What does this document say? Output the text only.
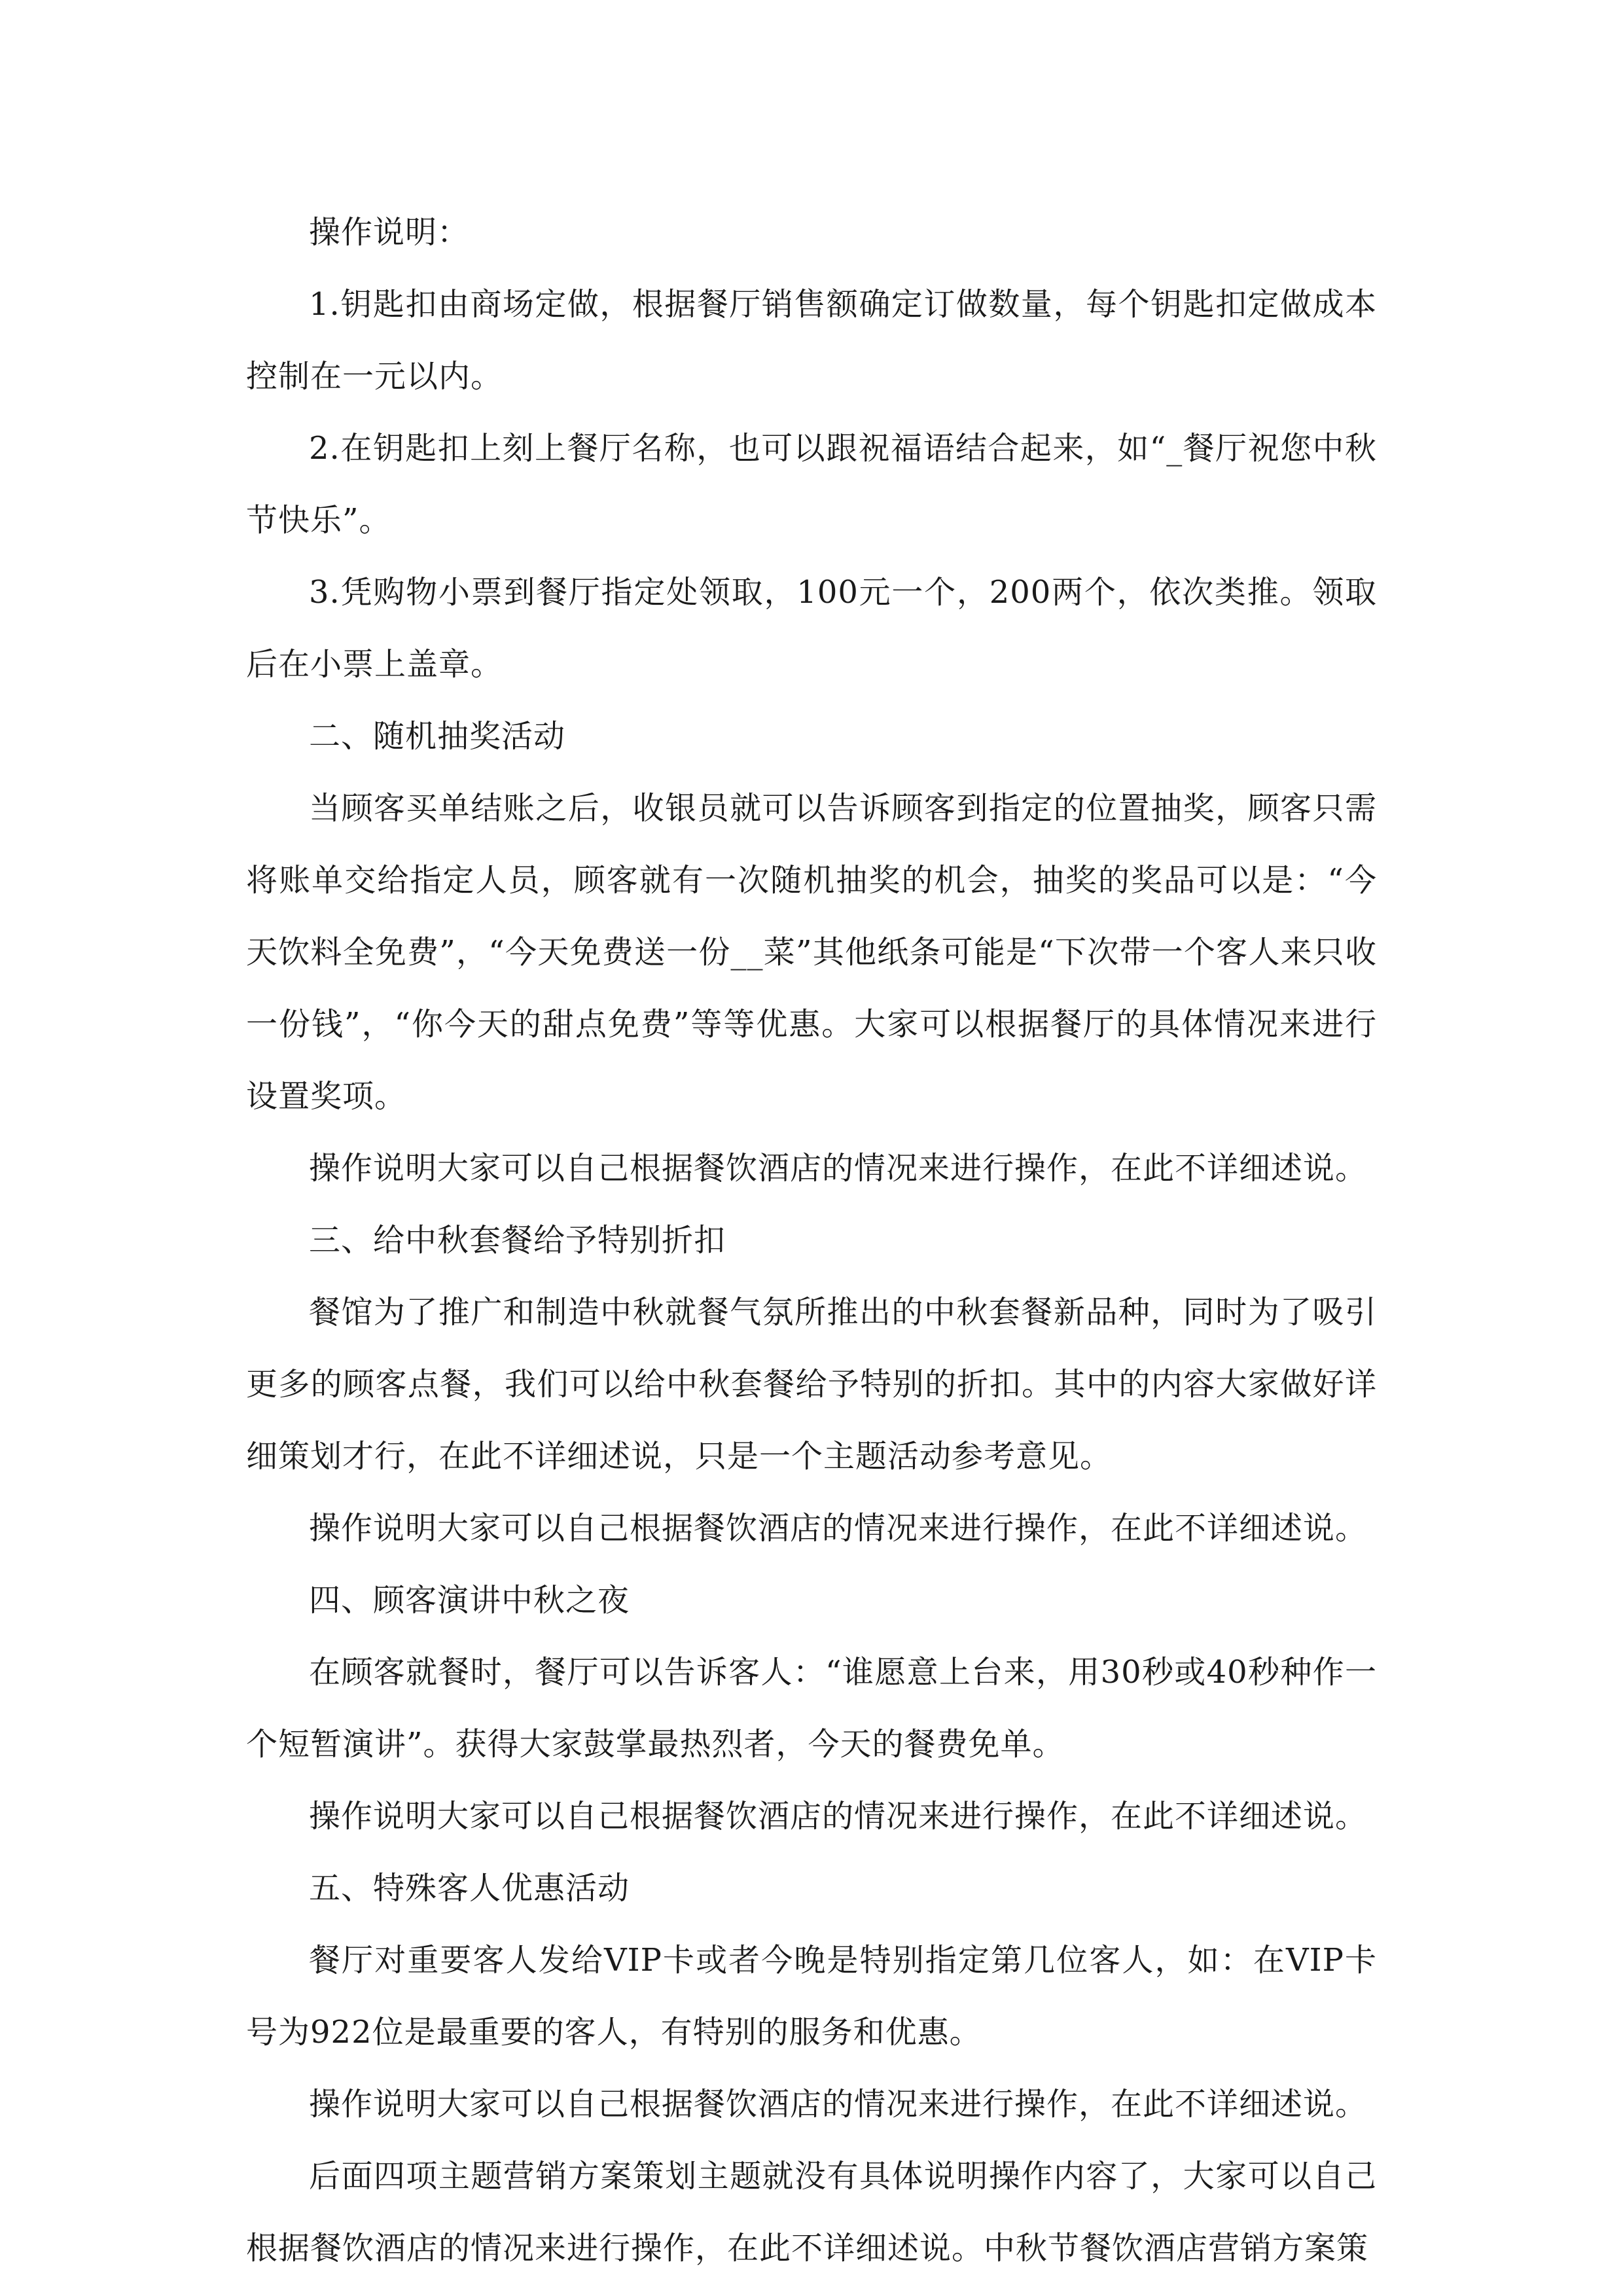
操作说明：

1.钥匙扣由商场定做，根据餐厅销售额确定订做数量，每个钥匙扣定做成本控制在一元以内。

2.在钥匙扣上刻上餐厅名称，也可以跟祝福语结合起来，如“_餐厅祝您中秋节快乐”。

3.凭购物小票到餐厅指定处领取，100元一个，200两个，依次类推。领取后在小票上盖章。

二、随机抽奖活动

当顾客买单结账之后，收银员就可以告诉顾客到指定的位置抽奖，顾客只需将账单交给指定人员，顾客就有一次随机抽奖的机会，抽奖的奖品可以是：“今天饮料全免费”，“今天免费送一份__菜”其他纸条可能是“下次带一个客人来只收一份钱”，“你今天的甜点免费”等等优惠。大家可以根据餐厅的具体情况来进行设置奖项。

操作说明大家可以自己根据餐饮酒店的情况来进行操作，在此不详细述说。

三、给中秋套餐给予特别折扣

餐馆为了推广和制造中秋就餐气氛所推出的中秋套餐新品种，同时为了吸引更多的顾客点餐，我们可以给中秋套餐给予特别的折扣。其中的内容大家做好详细策划才行，在此不详细述说，只是一个主题活动参考意见。

操作说明大家可以自己根据餐饮酒店的情况来进行操作，在此不详细述说。

四、顾客演讲中秋之夜

在顾客就餐时，餐厅可以告诉客人：“谁愿意上台来，用30秒或40秒种作一个短暂演讲”。获得大家鼓掌最热烈者，今天的餐费免单。

操作说明大家可以自己根据餐饮酒店的情况来进行操作，在此不详细述说。

五、特殊客人优惠活动

餐厅对重要客人发给VIP卡或者今晚是特别指定第几位客人，如：在VIP卡号为922位是最重要的客人，有特别的服务和优惠。

操作说明大家可以自己根据餐饮酒店的情况来进行操作，在此不详细述说。

后面四项主题营销方案策划主题就没有具体说明操作内容了，大家可以自己根据餐饮酒店的情况来进行操作，在此不详细述说。中秋节餐饮酒店营销方案策
